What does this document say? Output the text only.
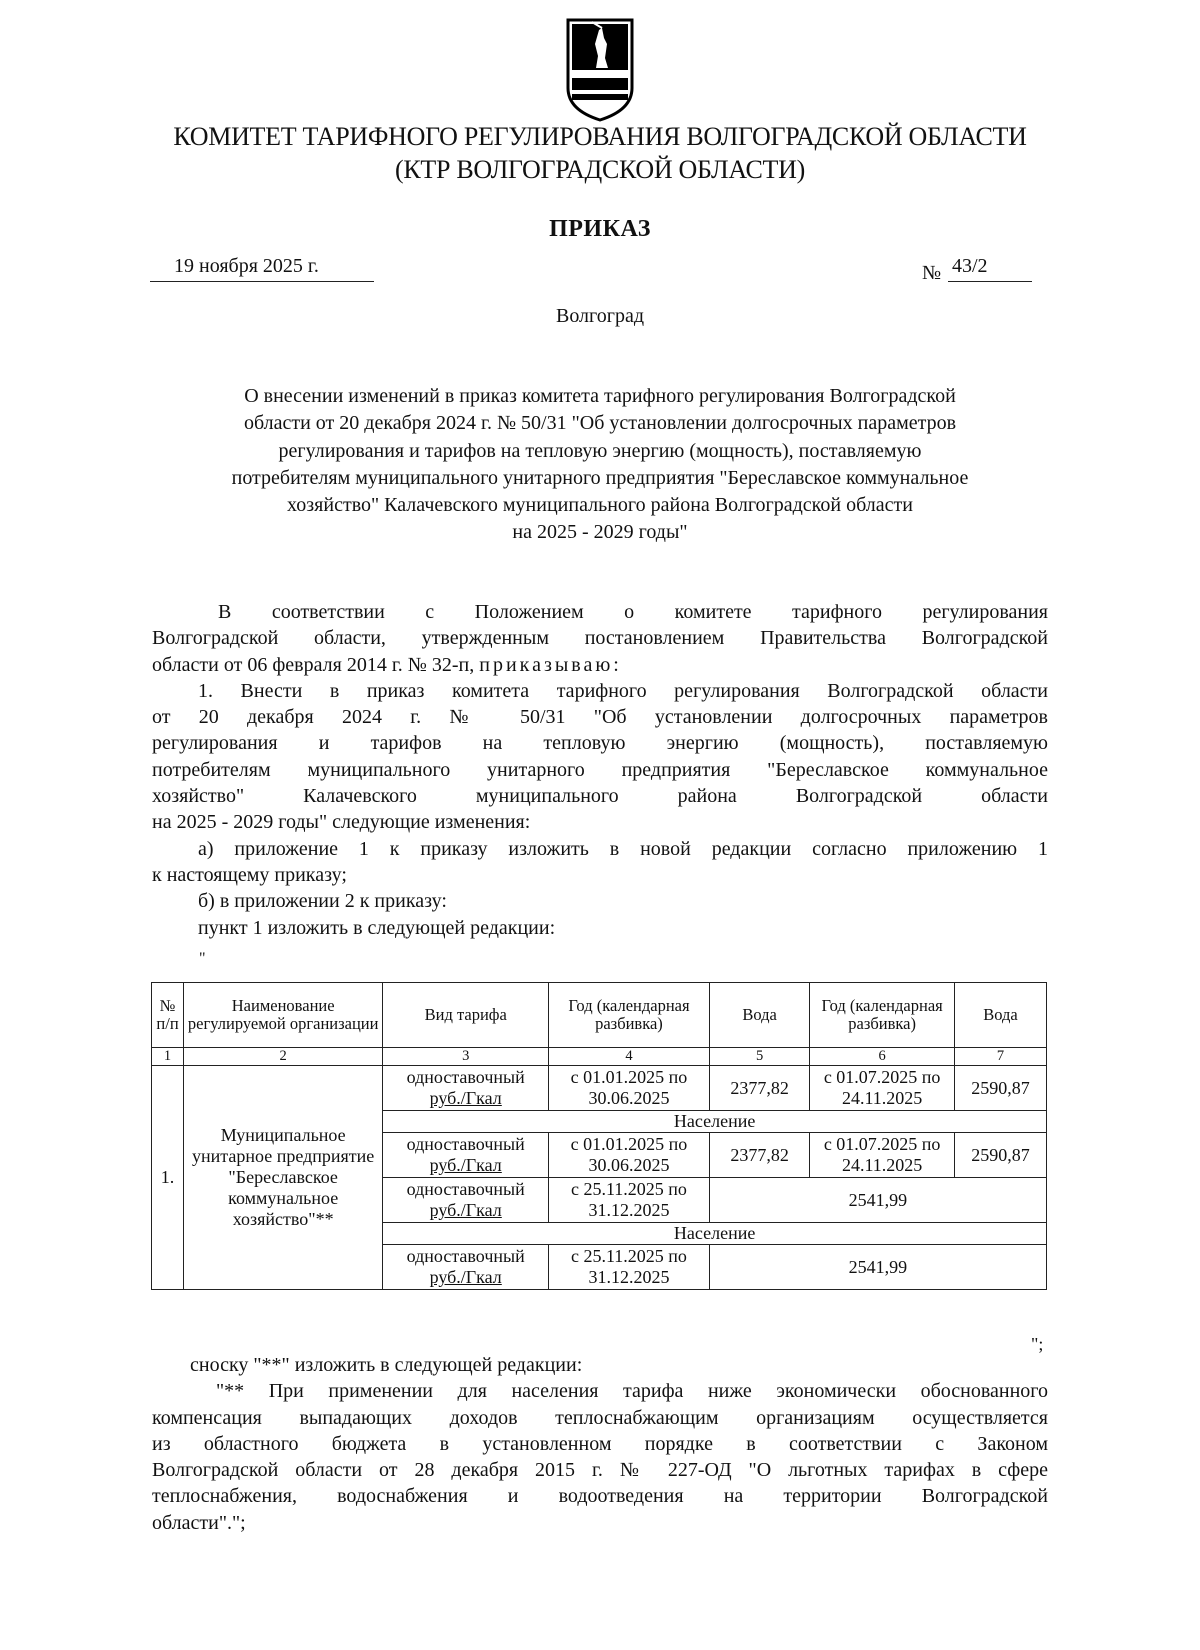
КОМИТЕТ ТАРИФНОГО РЕГУЛИРОВАНИЯ ВОЛГОГРАДСКОЙ ОБЛАСТИ
(КТР ВОЛГОГРАДСКОЙ ОБЛАСТИ)
ПРИКАЗ
19 ноября 2025 г.	№ 43/2
Волгоград
О внесении изменений в приказ комитета тарифного регулирования Волгоградской
области от 20 декабря 2024 г. № 50/31 "Об установлении долгосрочных параметров
регулирования и тарифов на тепловую энергию (мощность), поставляемую
потребителям муниципального унитарного предприятия "Береславское коммунальное
хозяйство" Калачевского муниципального района Волгоградской области
на 2025 - 2029 годы"
В соответствии с Положением о комитете тарифного регулирования
Волгоградской области, утвержденным постановлением Правительства Волгоградской
области от 06 февраля 2014 г. № 32-п, приказываю:
1. Внести в приказ комитета тарифного регулирования Волгоградской области
от 20 декабря 2024 г. № 50/31 "Об установлении долгосрочных параметров
регулирования и тарифов на тепловую энергию (мощность), поставляемую
потребителям муниципального унитарного предприятия "Береславское коммунальное
хозяйство" Калачевского муниципального района Волгоградской области
на 2025 - 2029 годы" следующие изменения:
а) приложение 1 к приказу изложить в новой редакции согласно приложению 1
к настоящему приказу;
б) в приложении 2 к приказу:
пункт 1 изложить в следующей редакции:
"
№ п/п	Наименование регулируемой организации	Вид тарифа	Год (календарная разбивка)	Вода	Год (календарная разбивка)	Вода
1	2	3	4	5	6	7
1.	Муниципальное унитарное предприятие "Береславское коммунальное хозяйство"**	одноставочный
руб./Гкал	с 01.01.2025 по 30.06.2025	2377,82	с 01.07.2025 по 24.11.2025	2590,87
		Население				

		одноставочный
руб./Гкал	с 01.01.2025 по 30.06.2025	2377,82	с 01.07.2025 по 24.11.2025	2590,87

		одноставочный
руб./Гкал	с 25.11.2025 по 31.12.2025	2541,99		
		Население				

		одноставочный
руб./Гкал	с 25.11.2025 по 31.12.2025	2541,99		
";
сноску "**" изложить в следующей редакции:
"** При применении для населения тарифа ниже экономически обоснованного
компенсация выпадающих доходов теплоснабжающим организациям осуществляется
из областного бюджета в установленном порядке в соответствии с Законом
Волгоградской области от 28 декабря 2015 г. № 227-ОД "О льготных тарифах в сфере
теплоснабжения, водоснабжения и водоотведения на территории Волгоградской
области".";
